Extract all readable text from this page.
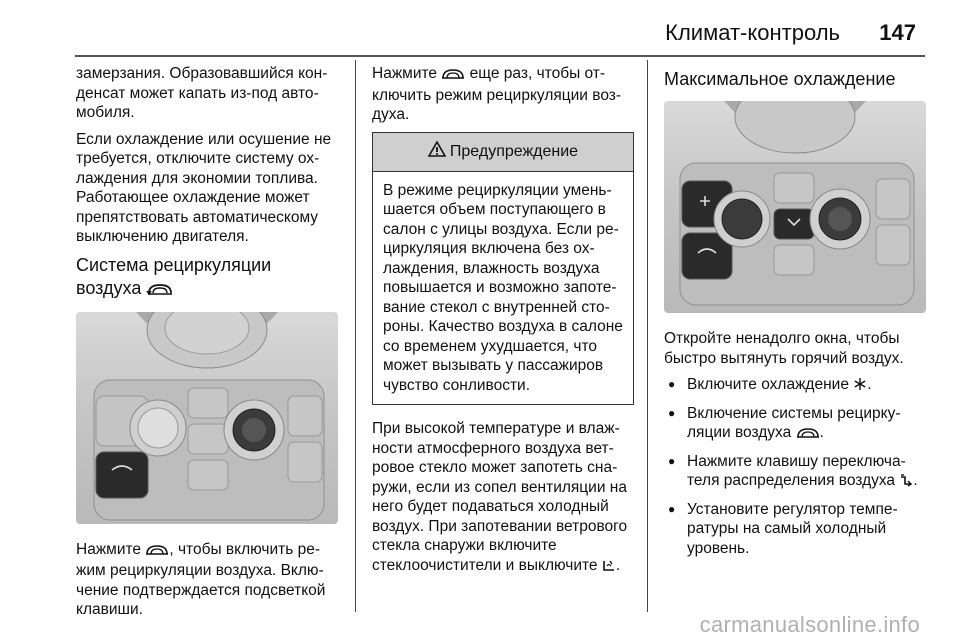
Климат-контроль 147

замерзания. Образовавшийся конденсат может капать из-под автомобиля.

Если охлаждение или осушение не требуется, отключите систему охлаждения для экономии топлива. Работающее охлаждение может препятствовать автоматическому выключению двигателя.

Система рециркуляции
воздуха

Нажмите , чтобы включить режим рециркуляции воздуха. Включение подтверждается подсветкой клавиши.

Нажмите  еще раз, чтобы отключить режим рециркуляции воздуха.

Предупреждение
В режиме рециркуляции уменьшается объем поступающего в салон с улицы воздуха. Если рециркуляция включена без охлаждения, влажность воздуха повышается и возможно запотевание стекол с внутренней стороны. Качество воздуха в салоне со временем ухудшается, что может вызывать у пассажиров чувство сонливости.

При высокой температуре и влажности атмосферного воздуха ветровое стекло может запотеть снаружи, если из сопел вентиляции на него будет подаваться холодный воздух. При запотевании ветрового стекла снаружи включите стеклоочистители и выключите .

Максимальное охлаждение

Откройте ненадолго окна, чтобы быстро вытянуть горячий воздух.

● Включите охлаждение .
● Включение системы рециркуляции воздуха .
● Нажмите клавишу переключателя распределения воздуха .
● Установите регулятор температуры на самый холодный уровень.
carmanualsonline.info
